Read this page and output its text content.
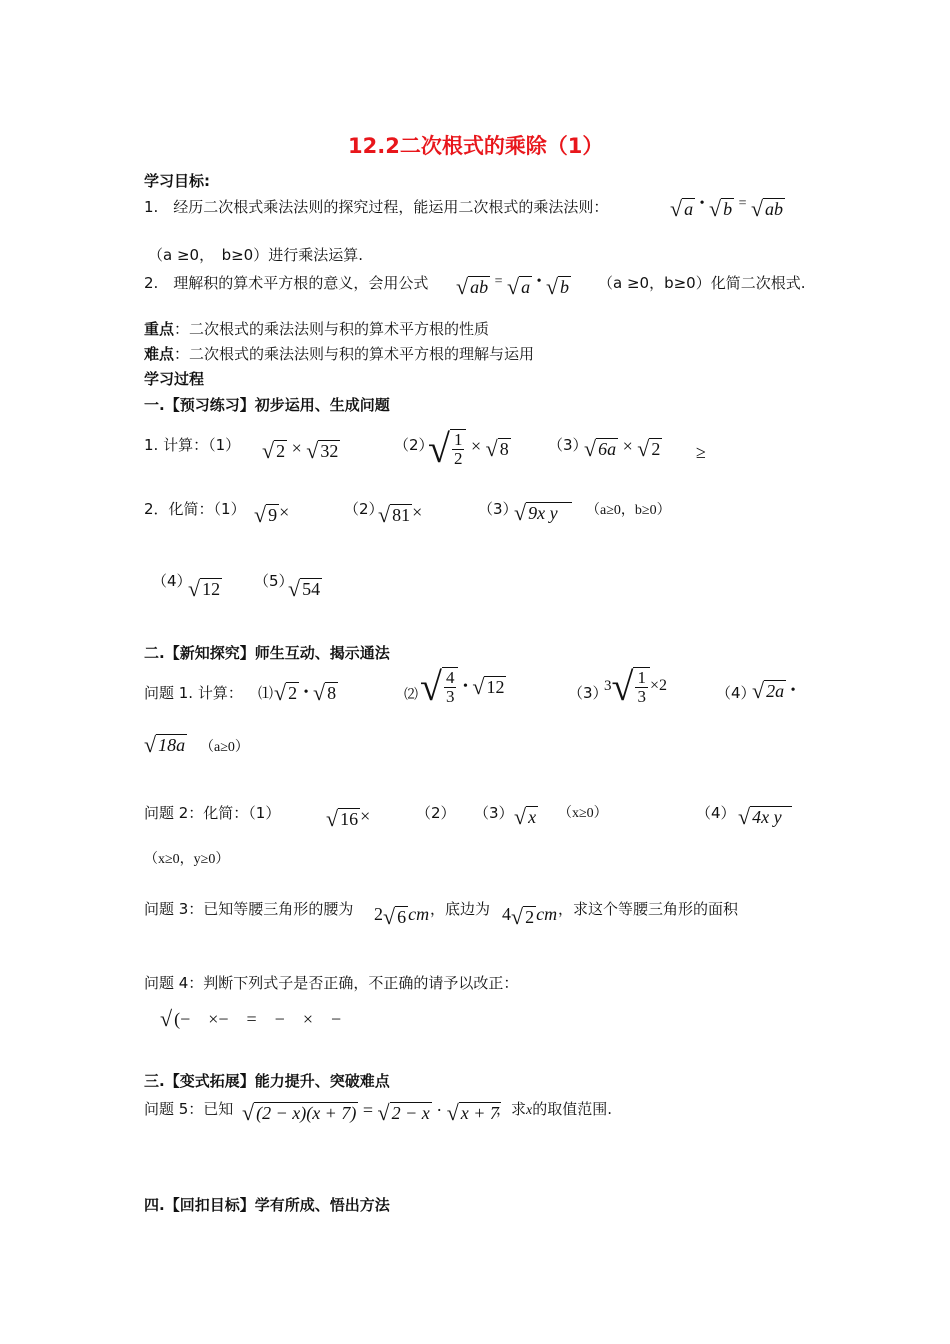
12.2二次根式的乘除（1）
学习目标:
1.　经历二次根式乘法法则的探究过程，能运用二次根式的乘法法则：	√ a • √ b = √ ab
（a ≥0，　b≥0）进行乘法运算.
2.　理解积的算术平方根的意义，会用公式 √ ab = √ a • √ b （a ≥0，b≥0）化简二次根式.
重点：二次根式的乘法法则与积的算术平方根的性质
难点：二次根式的乘法法则与积的算术平方根的理解与运用
学习过程
一.【预习练习】初步运用、生成问题
1. 计算：（1） √ 2 × √ 32	（2）
√ $\frac{1}{2}$ × √ 8	（3）
√ 6a × √ 2 ≥
2．化简：（1） √ 9 ×	（2）
√ 81 ×	（3）
√ 9x y	（a≥0，b≥0）
（4）
√ 12 （5）
√ 54
二.【新知探究】师生互动、揭示通法
问题 1. 计算： ⑴ √ 2 • √ 8	⑵ √ $\frac{4}{3}$ • √ 12	（3）
3 √ $\frac{1}{3} \times 2$	（4）
√ 2a •
√ 18a （a≥0）
问题 2：化简：（1） √ 16 ×	（2） （3） √ x （x≥0）	（4） √ 4x y
（x≥0，y≥0）
问题 3：已知等腰三角形的腰为 2 √ 6 cm ，底边为 4 √ 2 cm ，求这个等腰三角形的面积
问题 4：判断下列式子是否正确，不正确的请予以改正：
√ (−　×−　=　−　×　−
三.【变式拓展】能力提升、突破难点
问题 5：已知 √ (2 − x)(x + 7) = √ 2 − x · √ x + 7
，求x的取值范围.
四.【回扣目标】学有所成、悟出方法
